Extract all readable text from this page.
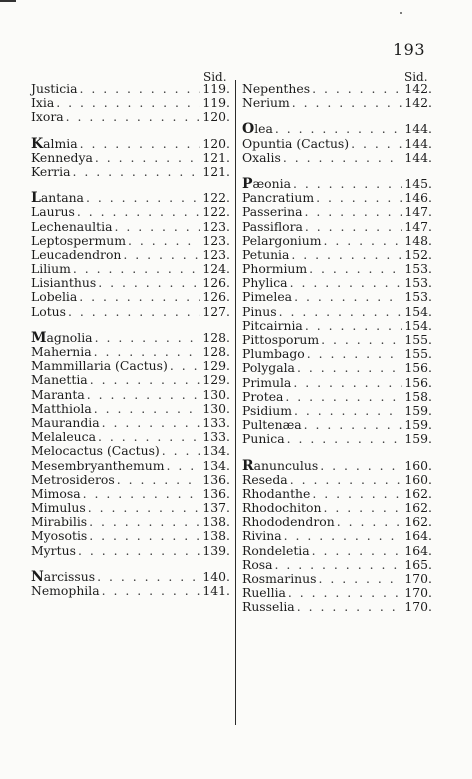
193
Sid.	Sid.
Justicia . . .	119.
Ixia . . .	119.
Ixora . . .	120.
Kalmia . . .	120.
Kennedya . . .	121.
Kerria . . .	121.
Lantana . . .	122.
Laurus . . .	122.
Lechenaultia . . .	123.
Leptospermum . . .	123.
Leucadendron . . .	123.
Lilium . . .	124.
Lisianthus . . .	126.
Lobelia . . .	126.
Lotus . . .	127.
Magnolia . . .	128.
Mahernia . . .	128.
Mammillaria (Cactus) . . .	129.
Manettia . . .	129.
Maranta . . .	130.
Matthiola . . .	130.
Maurandia . . .	133.
Melaleuca . . .	133.
Melocactus (Cactus) . . .	134.
Mesembryanthemum . . .	134.
Metrosideros . . .	136.
Mimosa . . .	136.
Mimulus . . .	137.
Mirabilis . . .	138.
Myosotis . . .	138.
Myrtus . . .	139.
Narcissus . . .	140.
Nemophila . . .	141.
Nepenthes . . .	142.
Nerium . . .	142.
Olea . . .	144.
Opuntia (Cactus) . . .	144.
Oxalis . . .	144.
Pæonia . . .	145.
Pancratium . . .	146.
Passerina . . .	147.
Passiflora . . .	147.
Pelargonium . . .	148.
Petunia . . .	152.
Phormium . . .	153.
Phylica . . .	153.
Pimelea . . .	153.
Pinus . . .	154.
Pitcairnia . . .	154.
Pittosporum . . .	155.
Plumbago . . .	155.
Polygala . . .	156.
Primula . . .	156.
Protea . . .	158.
Psidium . . .	159.
Pultenæa . . .	159.
Punica . . .	159.
Ranunculus . . .	160.
Reseda . . .	160.
Rhodanthe . . .	162.
Rhodochiton . . .	162.
Rhododendron . . .	162.
Rivina . . .	164.
Rondeletia . . .	164.
Rosa . . .	165.
Rosmarinus . . .	170.
Ruellia . . .	170.
Russelia . . .	170.
